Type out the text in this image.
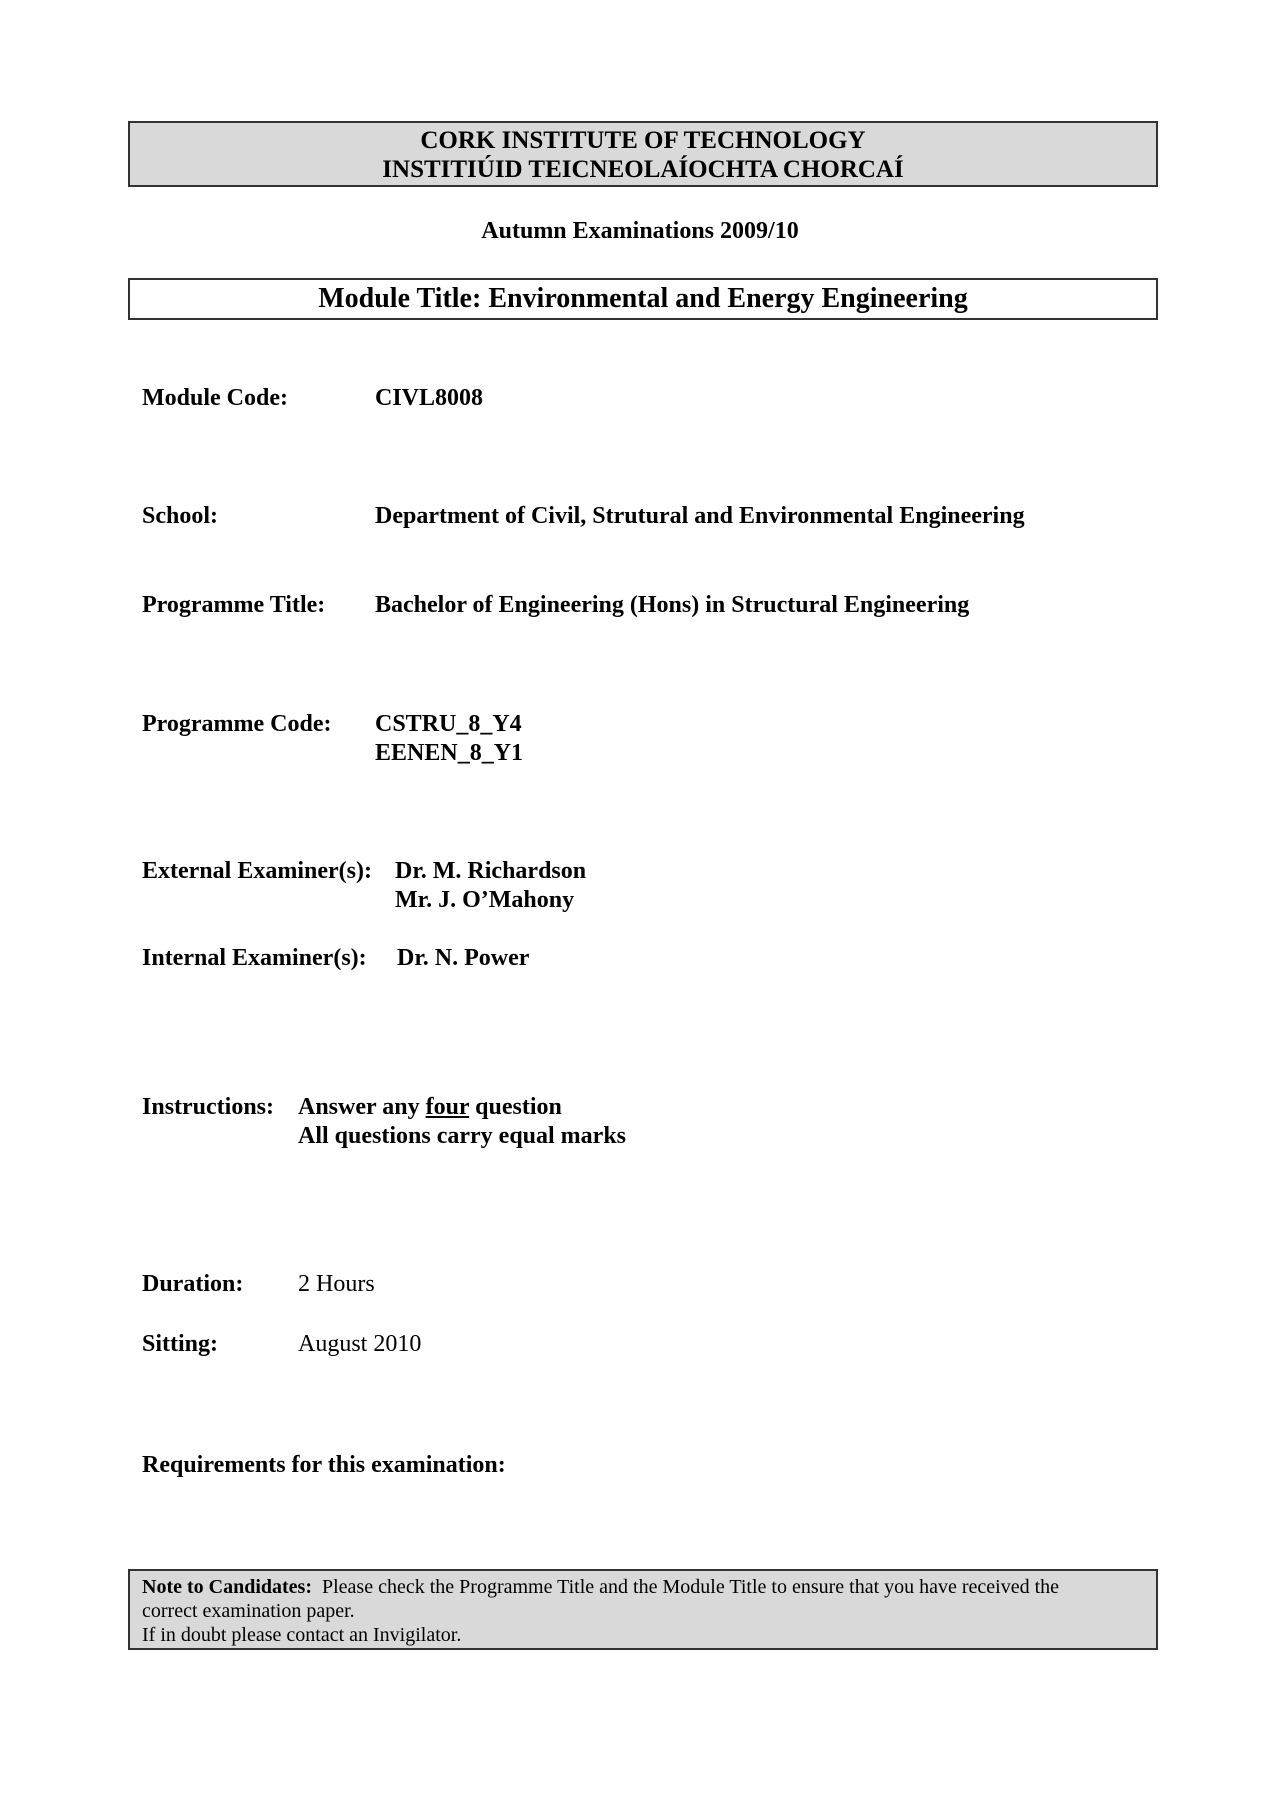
CORK INSTITUTE OF TECHNOLOGY
INSTITIÚID TEICNEOLAÍOCHTA CHORCAÍ
Autumn Examinations 2009/10
Module Title: Environmental and Energy Engineering
Module Code:	CIVL8008
School:	Department of Civil, Strutural and Environmental Engineering
Programme Title: Bachelor of Engineering (Hons) in Structural Engineering
Programme Code: CSTRU_8_Y4
EENEN_8_Y1
External Examiner(s): Dr. M. Richardson
Mr. J. O’Mahony
Internal Examiner(s): Dr. N. Power
Instructions: Answer any four question
All questions carry equal marks
Duration: 2 Hours
Sitting:	August 2010
Requirements for this examination:
Note to Candidates: Please check the Programme Title and the Module Title to ensure that you have received the
correct examination paper.
If in doubt please contact an Invigilator.
